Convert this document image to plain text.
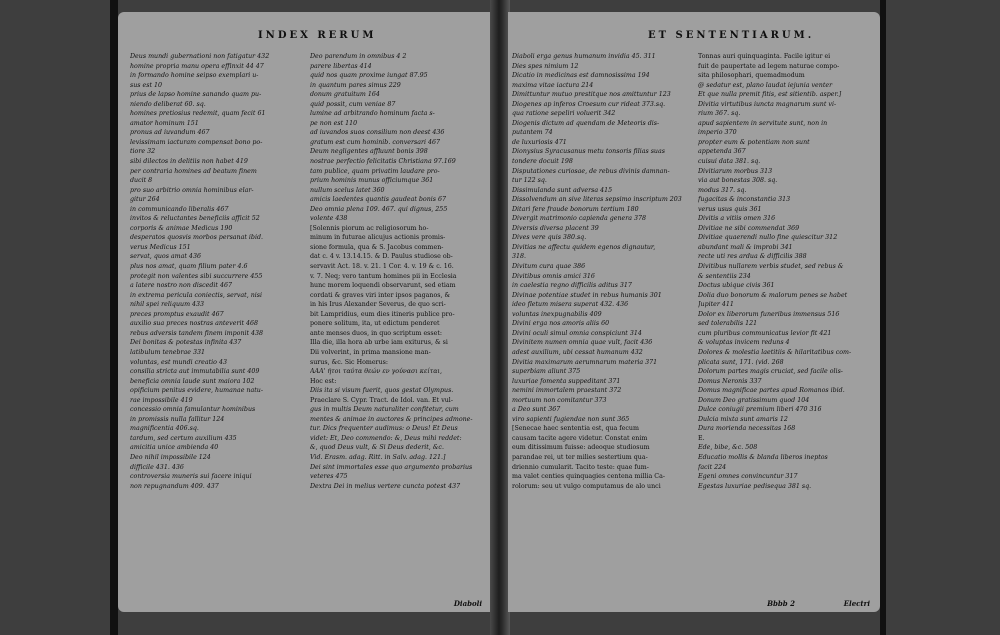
INDEX RERUM
Deus mundi gubernationi non fatigatur 432
homine propria manu opera effinxit 44 47
in formando homine seipso exemplari u-
sus est 10
prius de lapso homine sanando quam pu-
niendo deliberat 60. sq.
homines pretiosius redemit, quam fecit 61
amator hominum 151
pronus ad iuvandum 467
levissimam iacturam compensat bono po-
tiore 32
sibi dilectos in delitiis non habet 419
per contraria homines ad beatum finem
ducit 8
pro suo arbitrio omnia hominibus elar-
gitur 264
in communicando liberalis 467
invitos & reluctantes beneficiis afficit 52
corporis & animae Medicus 190
desperatos quosvis morbos persanat ibid.
verus Medicus 151
servat, quos amat 436
plus nos amat, quam filium pater 4.6
protegit non valentes sibi succurrere 455
a latere nostro non discedit 467
in extrema pericula coniectis, servat, nisi
nihil spei reliquum 433
preces promptus exaudit 467
auxilio sua preces nostras anteverit 468
rebus adversis tandem finem imponit 438
Dei bonitas & potestas infinita 437
latibulum tenebrae 331
voluntas, est mundi creatio 43
consilia stricta aut immutabilia sunt 409
beneficia omnia laude sunt maiora 102
opificium penitus evidere, humanae natu-
rae impossibile 419
concessio omnia famulantur hominibus
in promissis nulla fallitur 124
magnificentia 406.sq.
tardum, sed certum auxilium 435
amicitia unice ambienda 40
Deo nihil impossibile 124
difficile 431. 436
controversia muneris sui facere iniqui
non repugnandum 409. 437
Deo parendum in omnibus 4 2
parere libertas 414
quid nos quam proxime iungat 87.95
in quantum pares simus 229
donum gratuitum 164
quid possit, cum veniae 87
lumine ad arbitrando hominum facta s-
pe non est 110
ad iuvandos suos consilium non deest 436
gratum est cum hominib. conversari 467
Deum negligentes affluunt bonis 398
nostrae perfectio felicitatis Christiana 97.169
tam publice, quam privatim laudare pro-
prium hominis munus officiumque 361
nullum scelus latet 360
amicis laedentes quantis gaudeat bonis 67
Deo omnia plena 109. 467. qui dignus, 255
volente 438
[Solennis piorum ac religiosorum ho-
minum in futurae alicujus actionis promis-
sione formula, qua & S. Jacobus commen-
dat c. 4 v. 13.14.15. & D. Paulus studiose ob-
servavit Act. 18. v. 21. 1 Cor. 4. v. 19 & c. 16.
v. 7. Neq; vero tantum homines pii in Ecclesia
hunc morem loquendi observarunt, sed etiam
cordati & graves viri inter ipsos paganos, &
in his Irus Alexander Severus, de quo scri-
bit Lampridius, eum dies itineris publice pro-
ponere solitum, ita, ut edictum penderet
ante menses duos, in quo scriptum esset:
Illa die, illa hora ab urbe iam exiturus, & si
Dii volverint, in prima mansione man-
surus, &c. Sic Homerus:
AAA' ήτοι ταύτα θεών εν γούνασι κείται,
Hoc est:
Diis ita si visum fuerit, quos gestat Olympus.
Praeclare S. Cypr. Tract. de Idol. van. Et vul-
gus in multis Deum naturaliter confitetur, cum
mentes & animae in auctores & principes admone-
tur. Dics frequenter audimus: o Deus! Et Deus
videt: Et, Deo commendo: &, Deus mihi reddet:
&, quod Deus vult, & Si Deus dederit, &c.
Vid. Erasm. adag. Ritt. in Salv. adag. 121.]
Dei sint immortales esse quo argumento probarius
veteres 475
Dextra Dei in melius vertere cuncta potest 437
Diaboli
ET SENTENTIARUM.
Diaboli erga genus humanum invidia 45. 311
Dies spes nimium 12
Dicatio in medicinas est damnosissima 194
maxima vitae iactura 214
Dimittuntur mutuo prestitque nos amittuntur 123
Diogenes ap inferos Croesum cur rideat 373.sq.
qua ratione sepeliri voluerit 342
Diogenis dictum ad quendam de Meteoris dis-
putantem 74
de luxuriosis 471
Dionysius Syracusanus metu tonsoris filias suas
tondere docuit 198
Disputationes curiosae, de rebus divinis damnan-
tur 122 sq.
Dissimulanda sunt adversa 415
Dissolvendum an sive literas sepsimo inscriptum 203
Ditari fere fraude bonorum tertium 180
Divergit matrimonio capienda genera 378
Diversis diversa placent 39
Dives vere quis 380.sq.
Divitias ne affectu quidem egenos dignautur,
318.
Divitum cura quae 386
Divitibus omnis amici 316
in caelestia regno difficilis aditus 317
Divinae potentiae studet in rebus humanis 301
ideo fletum misera superat 432. 436
voluntas inexpugnabilis 409
Divini erga nos amoris aliis 60
Divini oculi simul omnia conspiciunt 314
Divinitem numen omnia quae vult, facit 436
adest auxilium, ubi cessat humanum 432
Divitia maximarum aerumnarum materia 371
superbiam aliunt 375
luxuriae fomenta suppeditant 371
nemini immortalem praestant 372
mortuum non comitantur 373
a Deo sunt 367
viro sapienti fugiendae non sunt 365
[Senecae haec sententia est, qua fecum
causam tacite agere videtur. Constat enim
eum ditissimum fuisse: adeoque studiosum
parandae rei, ut ter milies sestertium qua-
driennio cumularit. Tacito teste: quae fum-
ma valet centies quinquagies centena millia Ca-
rolorum: seu ut vulgo computamus de alo unci
Tonnas auri quinquaginta. Facile igitur ei
fuit de paupertate ad legem naturae compo-
sita philosophari, quemadmodum
@ sedatur est, plano laudat iejunia venter
Et que nulla premit fitis, est sitientib. asper.]
Divitia virtutibus iuncta magnarum sunt vi-
rium 367. sq.
apud sapientem in servitute sunt, non in
imperio 370
propter eum & potentiam non sunt
appetenda 367
cuisui data 381. sq.
Divitiarum morbus 313
via aut bonestas 308. sq.
modus 317. sq.
fugacitas & inconstantia 313
verus usus quis 361
Divitis a vitiis omen 316
Divitiae ne sibi commendat 369
Divitiae quaerendi nullo fine quiescitur 312
abundant mali & improbi 341
recte uti res ardua & difficilis 388
Divitibus nullarem verbis studet, sed rebus &
& sententiis 234
Doctus ubique civis 361
Dolia duo bonorum & malorum penes se habet
Jupiter 411
Dolor ex liberorum funeribus immensus 516
sed tolerabilis 121
cum pluribus communicatus levior fit 421
& voluptas invicem reduns 4
Dolores & molestia laetitiis & hilaritatibus com-
plicata sunt, 171. (vid. 268
Dolorum partes magis cruciat, sed facile olis-
Domus Neronis 337
Domus magnificae partes apud Romanos ibid.
Donum Deo gratissimum quod 104
Dulce coniugii premium liberi 470 316
Dulcia mixta sunt amaris 12
Dura morienda necessitas 168
E.
Ede, bibe, &c. 508
Educatio mollis & blanda liberos ineptos
facit 224
Egeni omnes convincuntur 317
Egestas luxuriae pedisequa 381 sq.
Bbbb 2	Electri
